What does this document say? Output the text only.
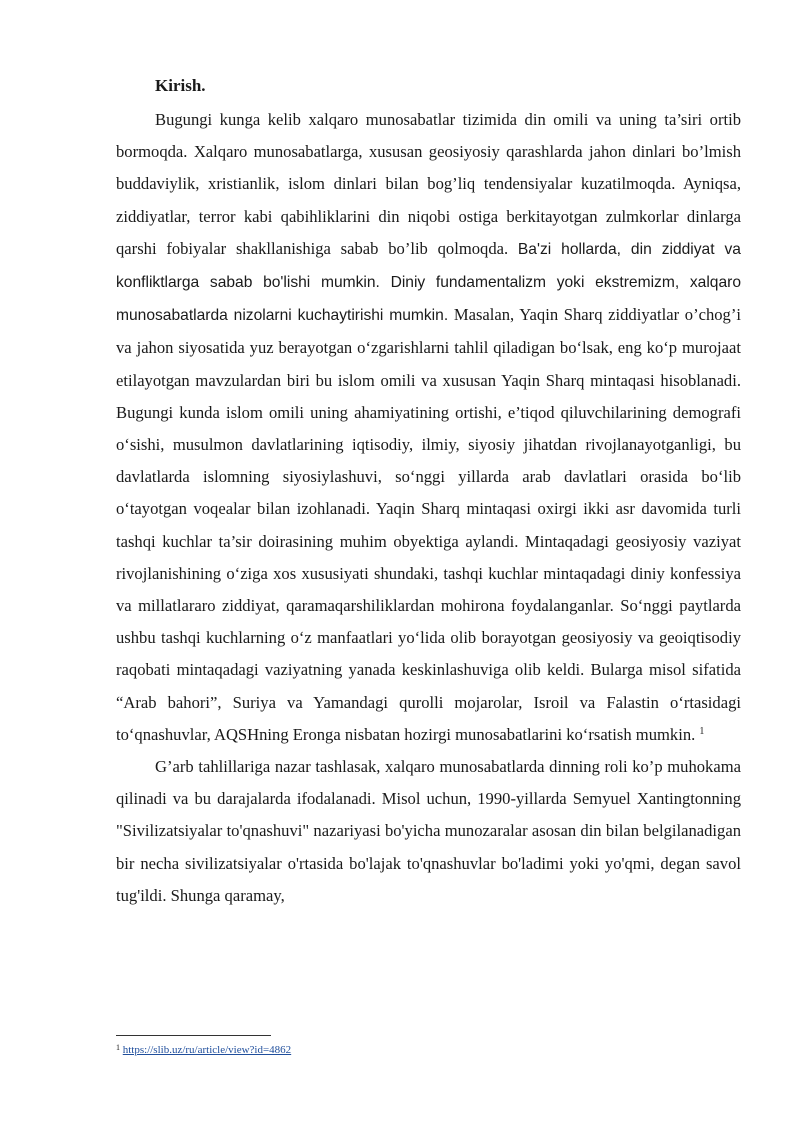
Kirish.

Bugungi kunga kelib xalqaro munosabatlar tizimida din omili va uning ta’siri ortib bormoqda. Xalqaro munosabatlarga, xususan geosiyosiy qarashlarda jahon dinlari bo’lmish buddaviylik, xristianlik, islom dinlari bilan bog’liq tendensiyalar kuzatilmoqda. Ayniqsa, ziddiyatlar, terror kabi qabihliklarini din niqobi ostiga berkitayotgan zulmkorlar dinlarga qarshi fobiyalar shakllanishiga sabab bo’lib qolmoqda. Ba'zi hollarda, din ziddiyat va konfliktlarga sabab bo'lishi mumkin. Diniy fundamentalizm yoki ekstremizm, xalqaro munosabatlarda nizolarni kuchaytirishi mumkin. Masalan, Yaqin Sharq ziddiyatlar o’chog’i va jahon siyosatida yuz berayotgan o‘zgarishlarni tahlil qiladigan bo‘lsak, eng ko‘p murojaat etilayotgan mavzulardan biri bu islom omili va xususan Yaqin Sharq mintaqasi hisoblanadi. Bugungi kunda islom omili uning ahamiyatining ortishi, e’tiqod qiluvchilarining demografi o‘sishi, musulmon davlatlarining iqtisodiy, ilmiy, siyosiy jihatdan rivojlanayotganligi, bu davlatlarda islomning siyosiylashuvi, so‘nggi yillarda arab davlatlari orasida bo‘lib o‘tayotgan voqealar bilan izohlanadi. Yaqin Sharq mintaqasi oxirgi ikki asr davomida turli tashqi kuchlar ta’sir doirasining muhim obyektiga aylandi. Mintaqadagi geosiyosiy vaziyat rivojlanishining o‘ziga xos xususiyati shundaki, tashqi kuchlar mintaqadagi diniy konfessiya va millatlararo ziddiyat, qaramaqarshiliklardan mohirona foydalanganlar. So‘nggi paytlarda ushbu tashqi kuchlarning o‘z manfaatlari yo‘lida olib borayotgan geosiyosiy va geoiqtisodiy raqobati mintaqadagi vaziyatning yanada keskinlashuviga olib keldi. Bularga misol sifatida “Arab bahori”, Suriya va Yamandagi qurolli mojarolar, Isroil va Falastin o‘rtasidagi to‘qnashuvlar, AQSHning Eronga nisbatan hozirgi munosabatlarini ko‘rsatish mumkin. $^1$

G’arb tahlillariga nazar tashlasak, xalqaro munosabatlarda dinning roli ko’p muhokama qilinadi va bu darajalarda ifodalanadi. Misol uchun, 1990-yillarda Semyuel Xantingtonning "Sivilizatsiyalar to'qnashuvi" nazariyasi bo'yicha munozaralar asosan din bilan belgilanadigan bir necha sivilizatsiyalar o'rtasida bo'lajak to'qnashuvlar bo'ladimi yoki yo'qmi, degan savol tug'ildi. Shunga qaramay,

$^1$ https://slib.uz/ru/article/view?id=4862
